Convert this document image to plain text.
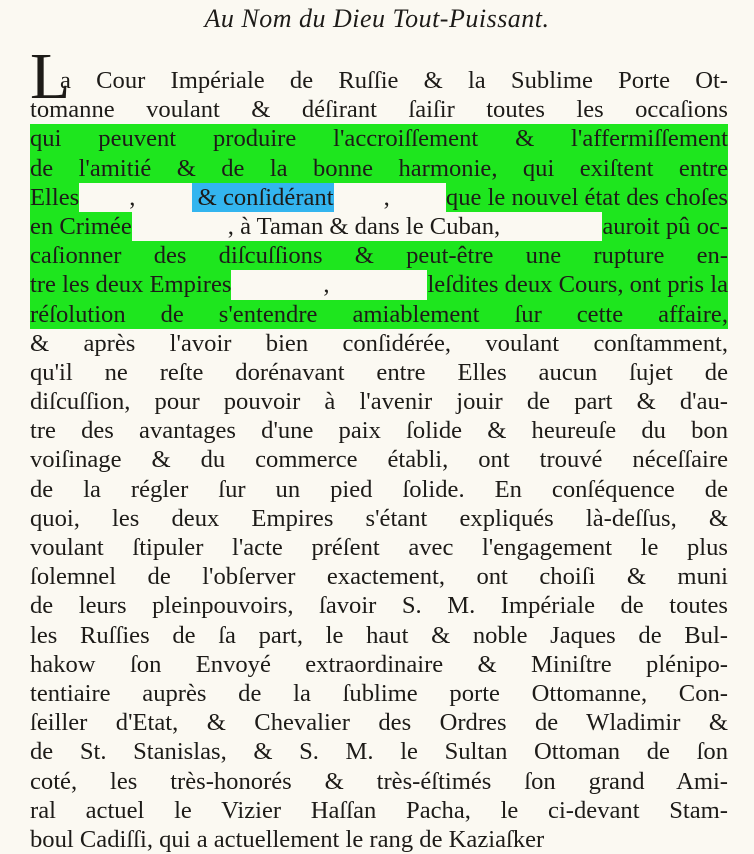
Au Nom du Dieu Tout-Puissant.
L
a Cour Impériale de Ruſſie & la Sublime Porte Ot-
tomanne voulant & déſirant ſaiſir toutes les occaſions
qui peuvent produire l'accroiſſement & l'affermiſſement
de l'amitié & de la bonne harmonie, qui exiſtent entre
Elles , & conſidérant , que le nouvel état des choſes
en Crimée	, à Taman & dans le Cuban,	auroit pû oc-
caſionner des diſcuſſions & peut-être une rupture en-
tre les deux Empires	,	leſdites deux Cours, ont pris la
réſolution de s'entendre amiablement ſur cette affaire,
& après l'avoir bien conſidérée, voulant conſtamment,
qu'il ne reſte dorénavant entre Elles aucun ſujet de
diſcuſſion, pour pouvoir à l'avenir jouir de part & d'au-
tre des avantages d'une paix ſolide & heureuſe du bon
voiſinage & du commerce établi, ont trouvé néceſſaire
de la régler ſur un pied ſolide. En conſéquence de
quoi, les deux Empires s'étant expliqués là-deſſus, &
voulant ſtipuler l'acte préſent avec l'engagement le plus
ſolemnel de l'obſerver exactement, ont choiſi & muni
de leurs pleinpouvoirs, ſavoir S. M. Impériale de toutes
les Ruſſies de ſa part, le haut & noble Jaques de Bul-
hakow ſon Envoyé extraordinaire & Miniſtre plénipo-
tentiaire auprès de la ſublime porte Ottomanne, Con-
ſeiller d'Etat, & Chevalier des Ordres de Wladimir &
de St. Stanislas, & S. M. le Sultan Ottoman de ſon
coté, les très-honorés & très-éſtimés ſon grand Ami-
ral actuel le Vizier Haſſan Pacha, le ci-devant Stam-
boul Cadiſſi, qui a actuellement le rang de Kaziaſker
